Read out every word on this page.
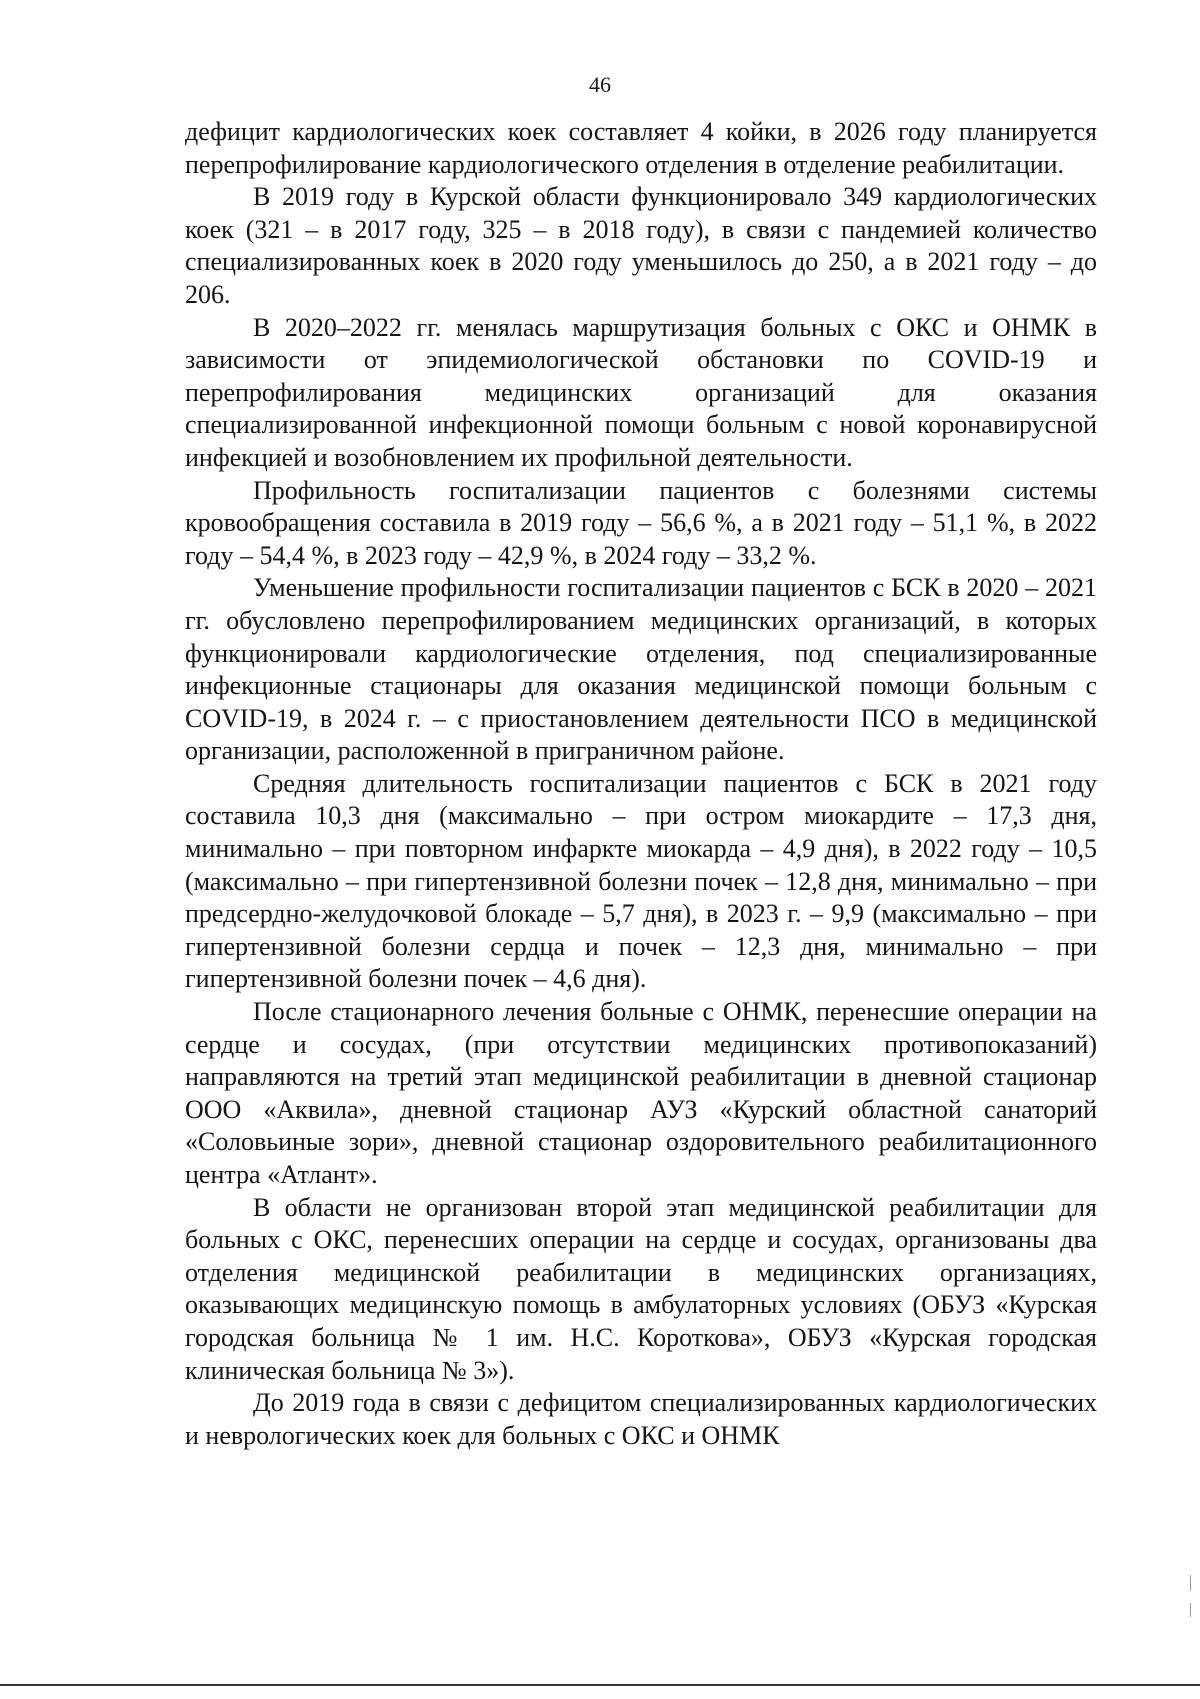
46

дефицит кардиологических коек составляет 4 койки, в 2026 году планируется перепрофилирование кардиологического отделения в отделение реабилитации.

В 2019 году в Курской области функционировало 349 кардиологических коек (321 – в 2017 году, 325 – в 2018 году), в связи с пандемией количество специализированных коек в 2020 году уменьшилось до 250, а в 2021 году – до 206.

В 2020–2022 гг. менялась маршрутизация больных с ОКС и ОНМК в зависимости от эпидемиологической обстановки по COVID-19 и перепрофилирования медицинских организаций для оказания специализированной инфекционной помощи больным с новой коронавирусной инфекцией и возобновлением их профильной деятельности.

Профильность госпитализации пациентов с болезнями системы кровообращения составила в 2019 году – 56,6 %, а в 2021 году – 51,1 %, в 2022 году – 54,4 %, в 2023 году – 42,9 %, в 2024 году – 33,2 %.

Уменьшение профильности госпитализации пациентов с БСК в 2020 – 2021 гг. обусловлено перепрофилированием медицинских организаций, в которых функционировали кардиологические отделения, под специализированные инфекционные стационары для оказания медицинской помощи больным с COVID-19, в 2024 г. – с приостановлением деятельности ПСО в медицинской организации, расположенной в приграничном районе.

Средняя длительность госпитализации пациентов с БСК в 2021 году составила 10,3 дня (максимально – при остром миокардите – 17,3 дня, минимально – при повторном инфаркте миокарда – 4,9 дня), в 2022 году – 10,5 (максимально – при гипертензивной болезни почек – 12,8 дня, минимально – при предсердно-желудочковой блокаде – 5,7 дня), в 2023 г. – 9,9 (максимально – при гипертензивной болезни сердца и почек – 12,3 дня, минимально – при гипертензивной болезни почек – 4,6 дня).

После стационарного лечения больные с ОНМК, перенесшие операции на сердце и сосудах, (при отсутствии медицинских противопоказаний) направляются на третий этап медицинской реабилитации в дневной стационар ООО «Аквила», дневной стационар АУЗ «Курский областной санаторий «Соловьиные зори», дневной стационар оздоровительного реабилитационного центра «Атлант».

В области не организован второй этап медицинской реабилитации для больных с ОКС, перенесших операции на сердце и сосудах, организованы два отделения медицинской реабилитации в медицинских организациях, оказывающих медицинскую помощь в амбулаторных условиях (ОБУЗ «Курская городская больница № 1 им. Н.С. Короткова», ОБУЗ «Курская городская клиническая больница № 3»).

До 2019 года в связи с дефицитом специализированных кардиологических и неврологических коек для больных с ОКС и ОНМК
